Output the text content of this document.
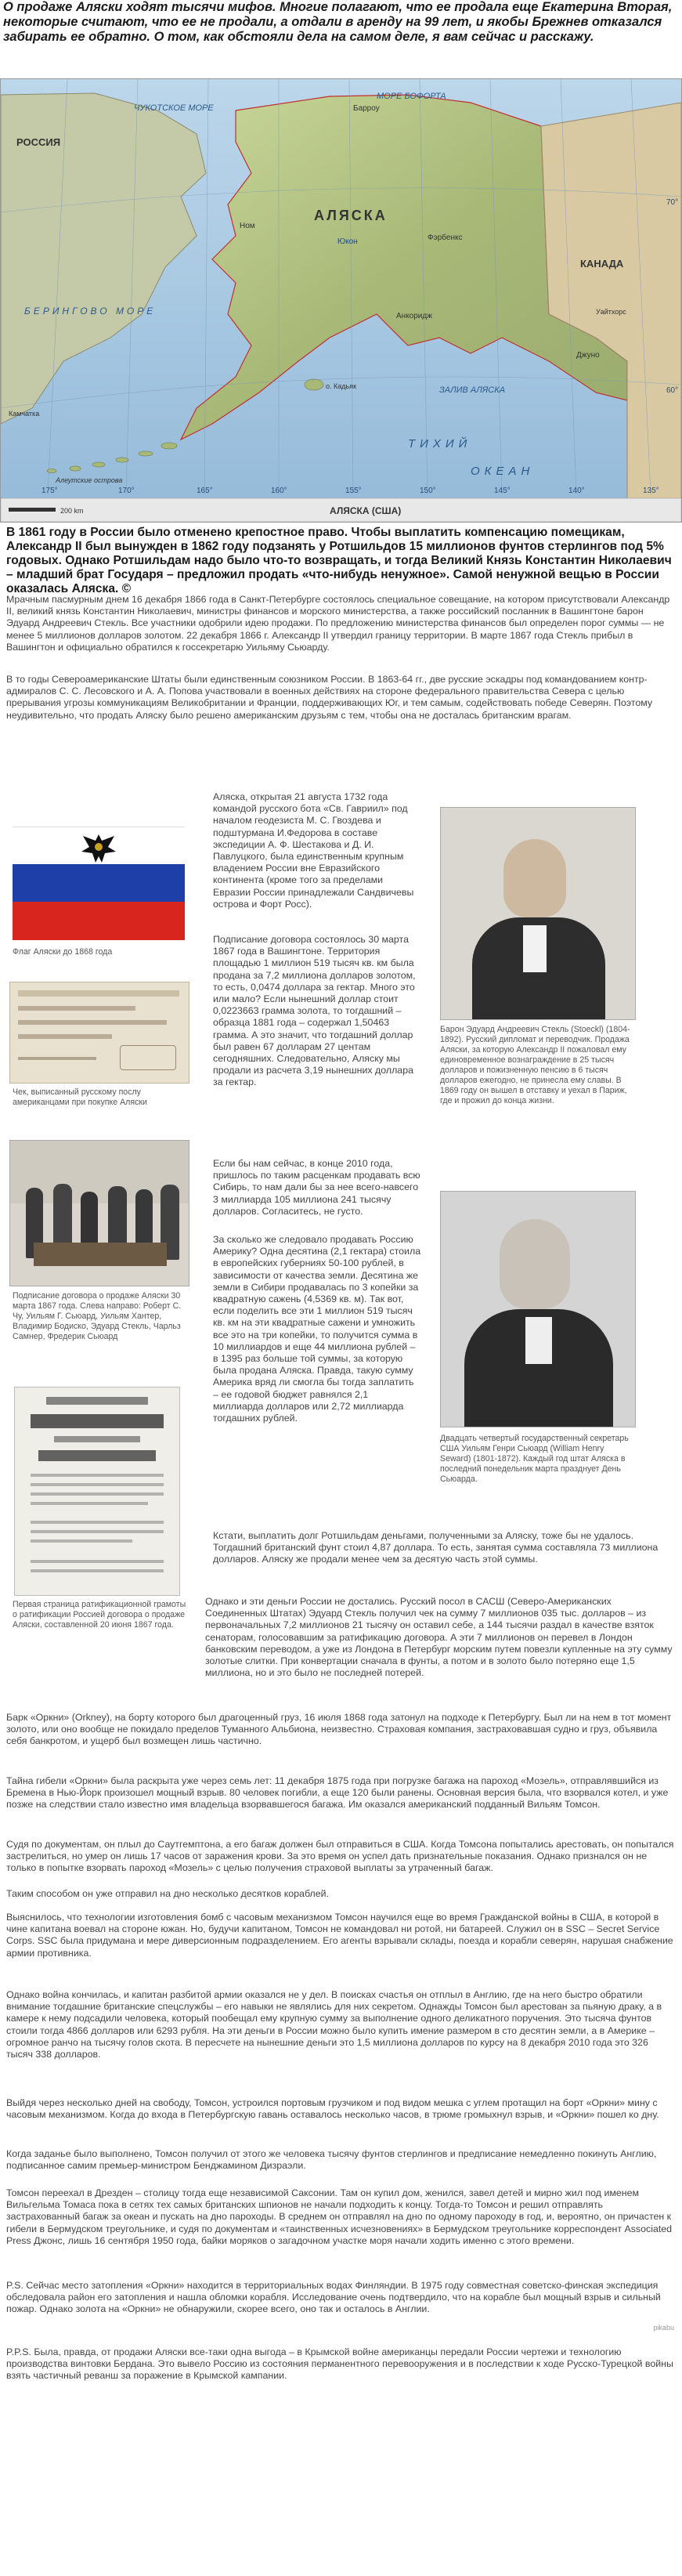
О продаже Аляски ходят тысячи мифов. Многие полагают, что ее продала еще Екатерина Вторая, некоторые считают, что ее не продали, а отдали в аренду на 99 лет, и якобы Брежнев отказался забирать ее обратно. О том, как обстояли дела на самом деле, я вам сейчас и расскажу.
РОССИЯ
АЛЯСКА
КАНАДА
МОРЕ БОФОРТА
ЧУКОТСКОЕ МОРЕ
БЕРИНГОВО МОРЕ
ТИХИЙ
ОКЕАН
ЗАЛИВ АЛЯСКА
Юкон
Анкоридж
Фэрбенкс
Джуно
Ном
Барроу
о. Кадьяк
Алеутские острова
Уайтхорс
Камчатка
70°
60°
175°	170°	165°	160°	155°	150°	145°	140°	135°
АЛЯСКА (США)
200 km
В 1861 году в России было отменено крепостное право. Чтобы выплатить компенсацию помещикам, Александр II был вынужден в 1862 году подзанять у Ротшильдов 15 миллионов фунтов стерлингов под 5% годовых. Однако Ротшильдам надо было что-то возвращать, и тогда Великий Князь Константин Николаевич – младший брат Государя – предложил продать «что-нибудь ненужное». Самой ненужной вещью в России оказалась Аляска. ©
Мрачным пасмурным днем 16 декабря 1866 года в Санкт-Петербурге состоялось специальное совещание, на котором присутствовали Александр II, великий князь Константин Николаевич, министры финансов и морского министерства, а также российский посланник в Вашингтоне барон Эдуард Андреевич Стекль. Все участники одобрили идею продажи. По предложению министерства финансов был определен порог суммы — не менее 5 миллионов долларов золотом. 22 декабря 1866 г. Александр II утвердил границу территории. В марте 1867 года Стекль прибыл в Вашингтон и официально обратился к госсекретарю Уильяму Сьюарду.
В то годы Североамериканские Штаты были единственным союзником России. В 1863-64 гг., две русские эскадры под командованием контр-адмиралов С. С. Лесовского и А. А. Попова участвовали в военных действиях на стороне федерального правительства Севера с целью прерывания угрозы коммуникациям Великобритании и Франции, поддерживающих Юг, и тем самым, содействовать победе Северян. Поэтому неудивительно, что продать Аляску было решено американским друзьям с тем, чтобы она не досталась британским врагам.
Флаг Аляски до 1868 года
Чек, выписанный русскому послу американцами при покупке Аляски
Подписание договора о продаже Аляски 30 марта 1867 года. Слева направо: Роберт С. Чу, Уильям Г. Сьюард, Уильям Хантер, Владимир Бодиско, Эдуард Стекль, Чарльз Самнер, Фредерик Сьюард
Первая страница ратификационной грамоты о ратификации Россией договора о продаже Аляски, составленной 20 июня 1867 года.
Аляска, открытая 21 августа 1732 года командой русского бота «Св. Гавриил» под началом геодезиста М. С. Гвоздева и подштурмана И.Федорова в составе экспедиции А. Ф. Шестакова и Д. И. Павлуцкого, была единственным крупным владением России вне Евразийского континента (кроме того за пределами Евразии России принадлежали Сандвичевы острова и Форт Росс).
Подписание договора состоялось 30 марта 1867 года в Вашингтоне. Территория площадью 1 миллион 519 тысяч кв. км была продана за 7,2 миллиона долларов золотом, то есть, 0,0474 доллара за гектар. Много это или мало? Если нынешний доллар стоит 0,0223663 грамма золота, то тогдашний – образца 1881 года – содержал 1,50463 грамма. А это значит, что тогдашний доллар был равен 67 долларам 27 центам сегодняшних. Следовательно, Аляску мы продали из расчета 3,19 нынешних доллара за гектар.
Если бы нам сейчас, в конце 2010 года, пришлось по таким расценкам продавать всю Сибирь, то нам дали бы за нее всего-навсего 3 миллиарда 105 миллиона 241 тысячу долларов. Согласитесь, не густо.
За сколько же следовало продавать Россию Америку? Одна десятина (2,1 гектара) стоила в европейских губерниях 50-100 рублей, в зависимости от качества земли. Десятина же земли в Сибири продавалась по 3 копейки за квадратную сажень (4,5369 кв. м). Так вот, если поделить все эти 1 миллион 519 тысяч кв. км на эти квадратные сажени и умножить все это на три копейки, то получится сумма в 10 миллиардов и еще 44 миллиона рублей – в 1395 раз больше той суммы, за которую была продана Аляска. Правда, такую сумму Америка вряд ли смогла бы тогда заплатить – ее годовой бюджет равнялся 2,1 миллиарда долларов или 2,72 миллиарда тогдашних рублей.
Барон Эдуард Андреевич Стекль (Stoeckl) (1804-1892). Русский дипломат и переводчик. Продажа Аляски, за которую Александр II пожаловал ему единовременное вознаграждение в 25 тысяч долларов и пожизненную пенсию в 6 тысяч долларов ежегодно, не принесла ему славы. В 1869 году он вышел в отставку и уехал в Париж, где и прожил до конца жизни.
Двадцать четвертый государственный секретарь США Уильям Генри Сьюард (William Henry Seward) (1801-1872). Каждый год штат Аляска в последний понедельник марта празднует День Сьюарда.
Кстати, выплатить долг Ротшильдам деньгами, полученными за Аляску, тоже бы не удалось. Тогдашний британский фунт стоил 4,87 доллара. То есть, занятая сумма составляла 73 миллиона долларов. Аляску же продали менее чем за десятую часть этой суммы.
Однако и эти деньги России не достались. Русский посол в САСШ (Северо-Американских Соединенных Штатах) Эдуард Стекль получил чек на сумму 7 миллионов 035 тыс. долларов – из первоначальных 7,2 миллионов 21 тысячу он оставил себе, а 144 тысячи раздал в качестве взяток сенаторам, голосовавшим за ратификацию договора. А эти 7 миллионов он перевел в Лондон банковским переводом, а уже из Лондона в Петербург морским путем повезли купленные на эту сумму золотые слитки. При конвертации сначала в фунты, а потом и в золото было потеряно еще 1,5 миллиона, но и это было не последней потерей.
Барк «Оркни» (Orkney), на борту которого был драгоценный груз, 16 июля 1868 года затонул на подходе к Петербургу. Был ли на нем в тот момент золото, или оно вообще не покидало пределов Туманного Альбиона, неизвестно. Страховая компания, застраховавшая судно и груз, объявила себя банкротом, и ущерб был возмещен лишь частично.
Тайна гибели «Оркни» была раскрыта уже через семь лет: 11 декабря 1875 года при погрузке багажа на пароход «Мозель», отправлявшийся из Бремена в Нью-Йорк произошел мощный взрыв. 80 человек погибли, а еще 120 были ранены. Основная версия была, что взорвался котел, и уже позже на следствии стало известно имя владельца взорвавшегося багажа. Им оказался американский подданный Вильям Томсон.
Судя по документам, он плыл до Саутгемптона, а его багаж должен был отправиться в США. Когда Томсона попытались арестовать, он попытался застрелиться, но умер он лишь 17 часов от заражения крови. За это время он успел дать признательные показания. Однако признался он не только в попытке взорвать пароход «Мозель» с целью получения страховой выплаты за утраченный багаж.
Таким способом он уже отправил на дно несколько десятков кораблей.
Выяснилось, что технологии изготовления бомб с часовым механизмом Томсон научился еще во время Гражданской войны в США, в которой в чине капитана воевал на стороне южан. Но, будучи капитаном, Томсон не командовал ни ротой, ни батареей. Служил он в SSC – Secret Service Corps. SSC была придумана и мере диверсионным подразделением. Его агенты взрывали склады, поезда и корабли северян, нарушая снабжение армии противника.
Однако война кончилась, и капитан разбитой армии оказался не у дел. В поисках счастья он отплыл в Англию, где на него быстро обратили внимание тогдашние британские спецслужбы – его навыки не являлись для них секретом. Однажды Томсон был арестован за пьяную драку, а в камере к нему подсадили человека, который пообещал ему крупную сумму за выполнение одного деликатного поручения. Это тысяча фунтов стоили тогда 4866 долларов или 6293 рубля. На эти деньги в России можно было купить имение размером в сто десятин земли, а в Америке – огромное ранчо на тысячу голов скота. В пересчете на нынешние деньги это 1,5 миллиона долларов по курсу на 8 декабря 2010 года это 326 тысяч 338 долларов.
Выйдя через несколько дней на свободу, Томсон, устроился портовым грузчиком и под видом мешка с углем протащил на борт «Оркни» мину с часовым механизмом. Когда до входа в Петербургскую гавань оставалось несколько часов, в трюме громыхнул взрыв, и «Оркни» пошел ко дну.
Когда заданье было выполнено, Томсон получил от этого же человека тысячу фунтов стерлингов и предписание немедленно покинуть Англию, подписанное самим премьер-министром Бенджамином Дизраэли.
Томсон переехал в Дрезден – столицу тогда еще независимой Саксонии. Там он купил дом, женился, завел детей и мирно жил под именем Вильгельма Томаса пока в сетях тех самых британских шпионов не начали подходить к концу. Тогда-то Томсон и решил отправлять застрахованный багаж за океан и пускать на дно пароходы. В среднем он отправлял на дно по одному пароходу в год, и, вероятно, он причастен к гибели в Бермудском треугольнике, и судя по документам и «таинственных исчезновениях» в Бермудском треугольнике корреспондент Associated Press Джонс, лишь 16 сентября 1950 года, байки моряков о загадочном участке моря начали ходить именно с этого времени.
P.S. Сейчас место затопления «Оркни» находится в территориальных водах Финляндии. В 1975 году совместная советско-финская экспедиция обследовала район его затопления и нашла обломки корабля. Исследование очень подтвердило, что на корабле был мощный взрыв и сильный пожар. Однако золота на «Оркни» не обнаружили, скорее всего, оно так и осталось в Англии.
P.P.S. Была, правда, от продажи Аляски все-таки одна выгода – в Крымской войне американцы передали России чертежи и технологию производства винтовки Бердана. Это вывело Россию из состояния перманентного перевооружения и в последствии к ходе Русско-Турецкой войны взять частичный реванш за поражение в Крымской кампании.
pikabu
